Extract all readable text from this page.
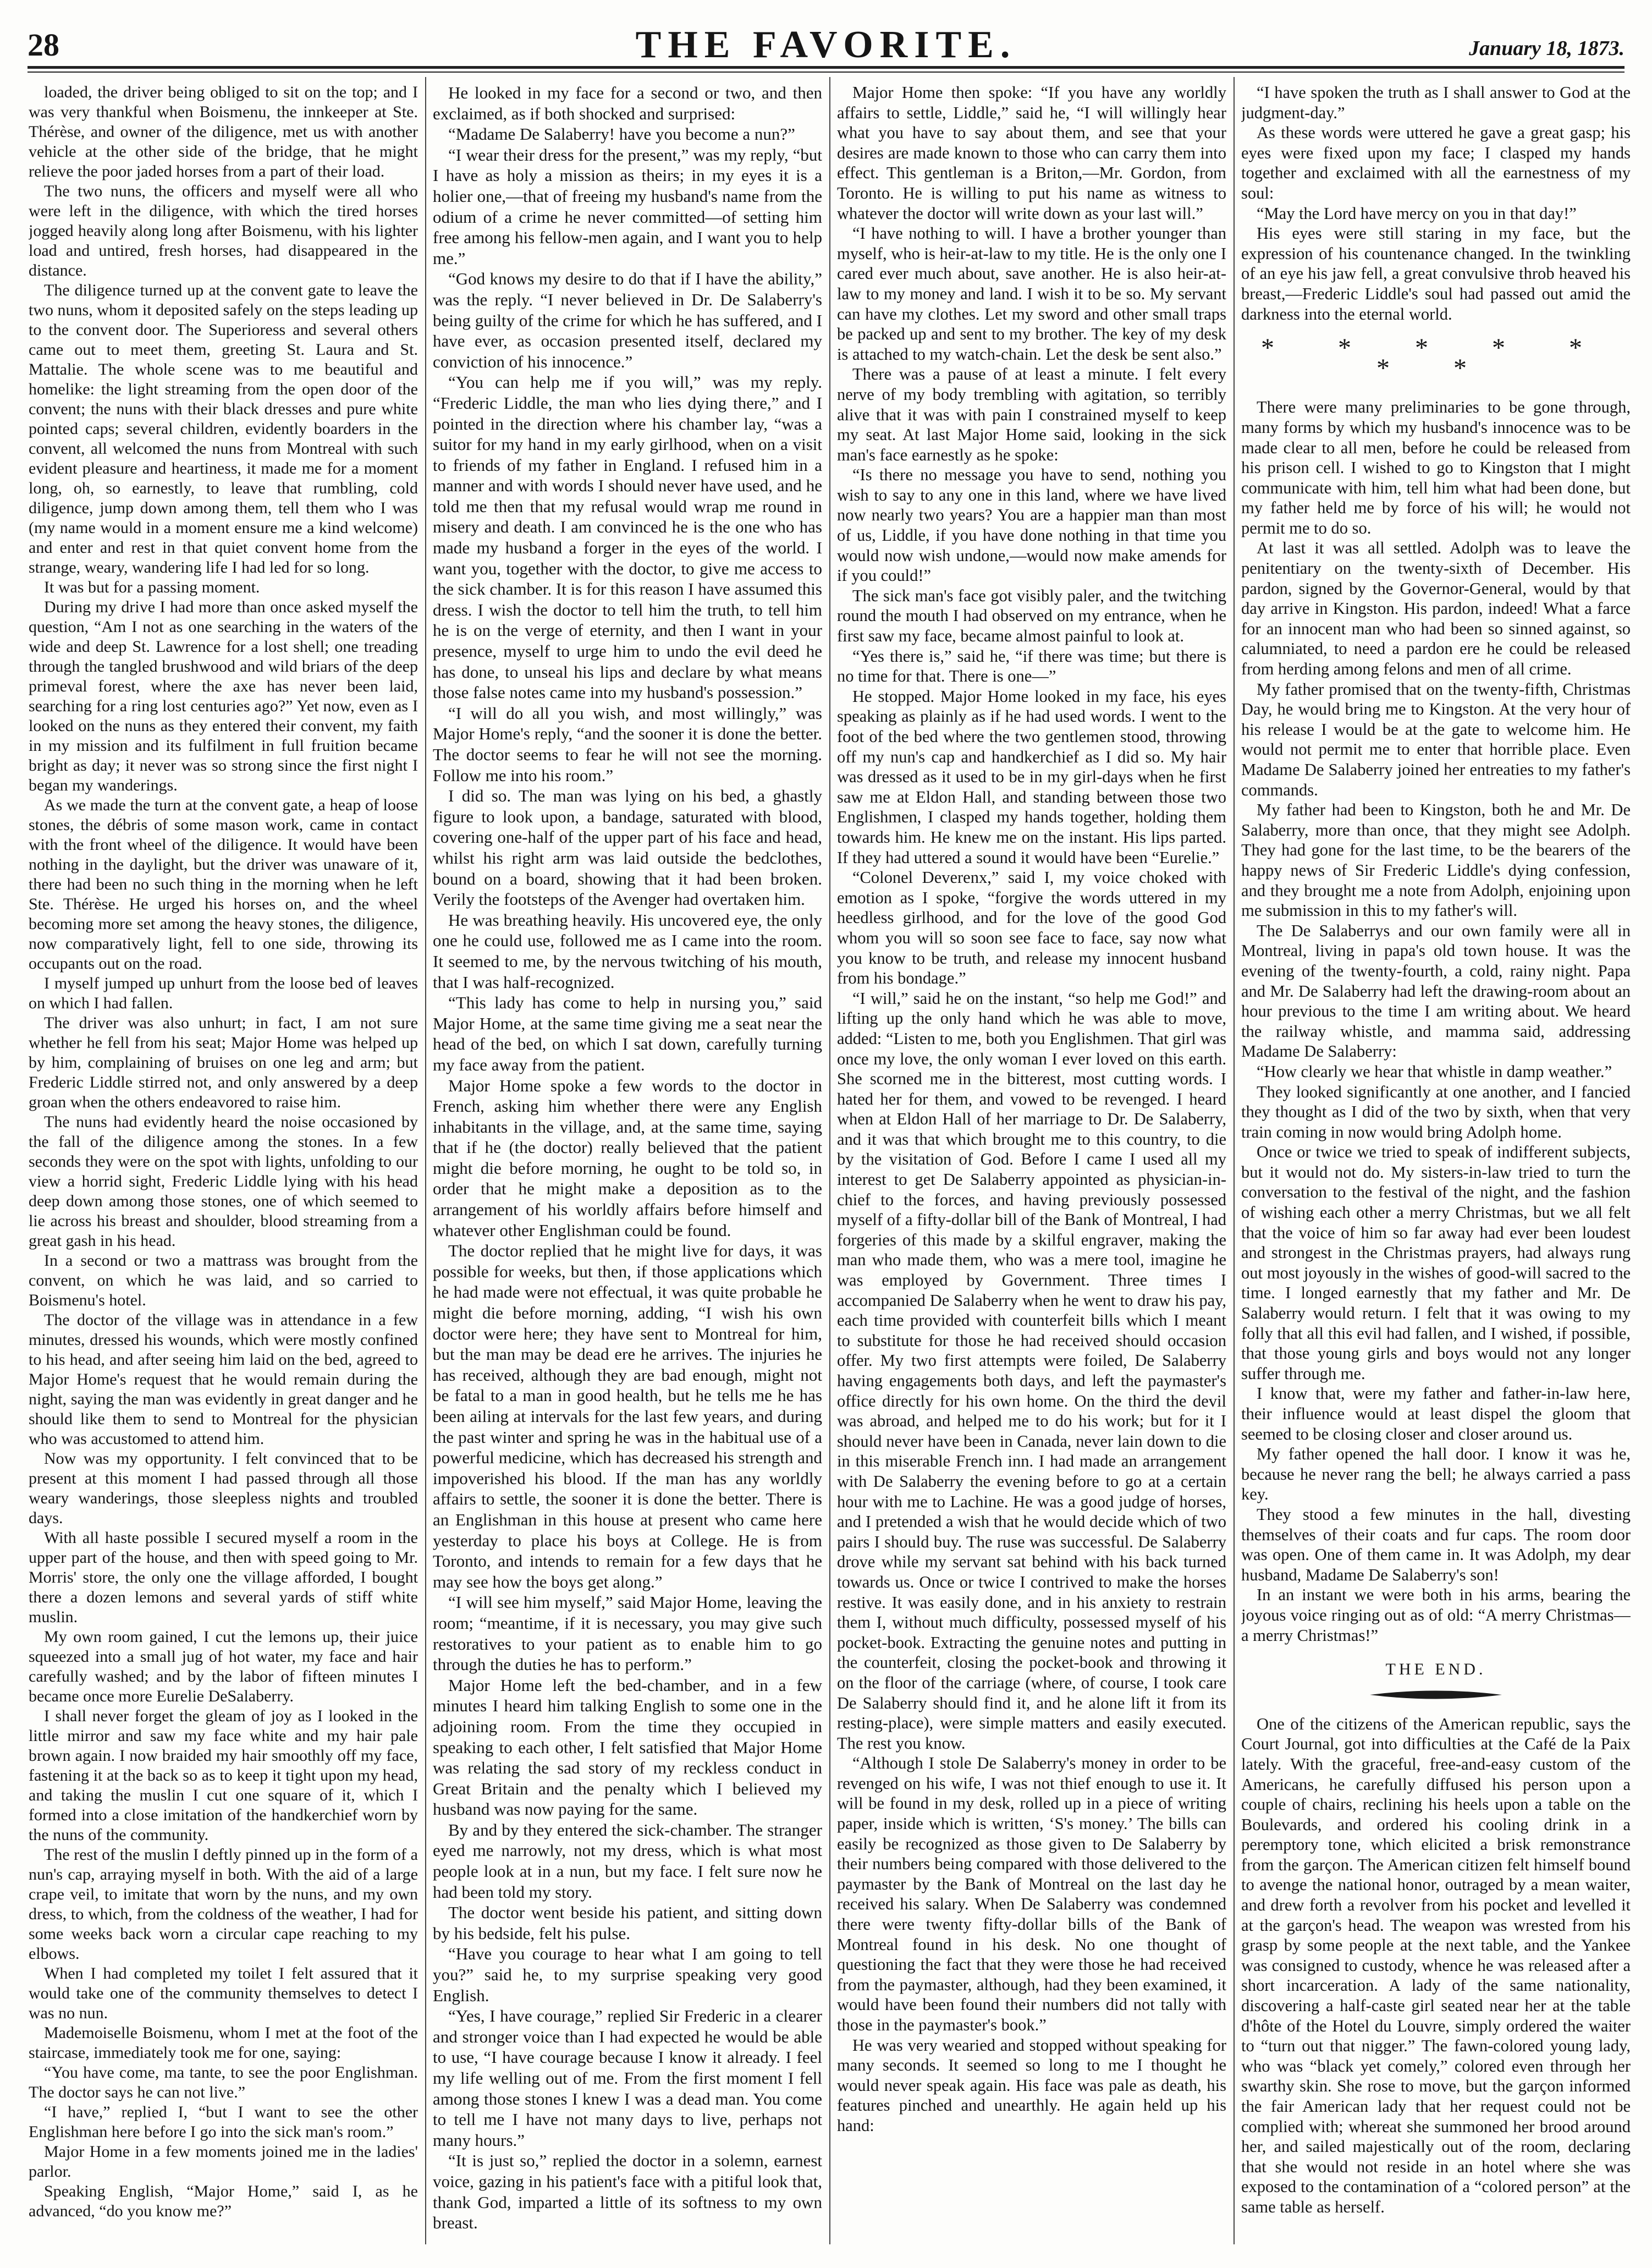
28	THE FAVORITE.	January 18, 1873.

loaded, the driver being obliged to sit on the top; and I was very thankful when Boismenu, the innkeeper at Ste. Thérèse, and owner of the diligence, met us with another vehicle at the other side of the bridge, that he might relieve the poor jaded horses from a part of their load.

The two nuns, the officers and myself were all who were left in the diligence, with which the tired horses jogged heavily along long after Boismenu, with his lighter load and untired, fresh horses, had disappeared in the distance.

The diligence turned up at the convent gate to leave the two nuns, whom it deposited safely on the steps leading up to the convent door. The Superioress and several others came out to meet them, greeting St. Laura and St. Mattalie. The whole scene was to me beautiful and homelike: the light streaming from the open door of the convent; the nuns with their black dresses and pure white pointed caps; several children, evidently boarders in the convent, all welcomed the nuns from Montreal with such evident pleasure and heartiness, it made me for a moment long, oh, so earnestly, to leave that rumbling, cold diligence, jump down among them, tell them who I was (my name would in a moment ensure me a kind welcome) and enter and rest in that quiet convent home from the strange, weary, wandering life I had led for so long.

It was but for a passing moment.

During my drive I had more than once asked myself the question, “Am I not as one searching in the waters of the wide and deep St. Lawrence for a lost shell; one treading through the tangled brushwood and wild briars of the deep primeval forest, where the axe has never been laid, searching for a ring lost centuries ago?” Yet now, even as I looked on the nuns as they entered their convent, my faith in my mission and its fulfilment in full fruition became bright as day; it never was so strong since the first night I began my wanderings.

As we made the turn at the convent gate, a heap of loose stones, the débris of some mason work, came in contact with the front wheel of the diligence. It would have been nothing in the daylight, but the driver was unaware of it, there had been no such thing in the morning when he left Ste. Thérèse. He urged his horses on, and the wheel becoming more set among the heavy stones, the diligence, now comparatively light, fell to one side, throwing its occupants out on the road.

I myself jumped up unhurt from the loose bed of leaves on which I had fallen.

The driver was also unhurt; in fact, I am not sure whether he fell from his seat; Major Home was helped up by him, complaining of bruises on one leg and arm; but Frederic Liddle stirred not, and only answered by a deep groan when the others endeavored to raise him.

The nuns had evidently heard the noise occasioned by the fall of the diligence among the stones. In a few seconds they were on the spot with lights, unfolding to our view a horrid sight, Frederic Liddle lying with his head deep down among those stones, one of which seemed to lie across his breast and shoulder, blood streaming from a great gash in his head.

In a second or two a mattrass was brought from the convent, on which he was laid, and so carried to Boismenu's hotel.

The doctor of the village was in attendance in a few minutes, dressed his wounds, which were mostly confined to his head, and after seeing him laid on the bed, agreed to Major Home's request that he would remain during the night, saying the man was evidently in great danger and he should like them to send to Montreal for the physician who was accustomed to attend him.

Now was my opportunity. I felt convinced that to be present at this moment I had passed through all those weary wanderings, those sleepless nights and troubled days.

With all haste possible I secured myself a room in the upper part of the house, and then with speed going to Mr. Morris' store, the only one the village afforded, I bought there a dozen lemons and several yards of stiff white muslin.

My own room gained, I cut the lemons up, their juice squeezed into a small jug of hot water, my face and hair carefully washed; and by the labor of fifteen minutes I became once more Eurelie DeSalaberry.

I shall never forget the gleam of joy as I looked in the little mirror and saw my face white and my hair pale brown again. I now braided my hair smoothly off my face, fastening it at the back so as to keep it tight upon my head, and taking the muslin I cut one square of it, which I formed into a close imitation of the handkerchief worn by the nuns of the community.

The rest of the muslin I deftly pinned up in the form of a nun's cap, arraying myself in both. With the aid of a large crape veil, to imitate that worn by the nuns, and my own dress, to which, from the coldness of the weather, I had for some weeks back worn a circular cape reaching to my elbows.

When I had completed my toilet I felt assured that it would take one of the community themselves to detect I was no nun.

Mademoiselle Boismenu, whom I met at the foot of the staircase, immediately took me for one, saying:

“You have come, ma tante, to see the poor Englishman. The doctor says he can not live.”

“I have,” replied I, “but I want to see the other Englishman here before I go into the sick man's room.”

Major Home in a few moments joined me in the ladies' parlor.

Speaking English, “Major Home,” said I, as he advanced, “do you know me?”

He looked in my face for a second or two, and then exclaimed, as if both shocked and surprised:

“Madame De Salaberry! have you become a nun?”

“I wear their dress for the present,” was my reply, “but I have as holy a mission as theirs; in my eyes it is a holier one,—that of freeing my husband's name from the odium of a crime he never committed—of setting him free among his fellow-men again, and I want you to help me.”

“God knows my desire to do that if I have the ability,” was the reply. “I never believed in Dr. De Salaberry's being guilty of the crime for which he has suffered, and I have ever, as occasion presented itself, declared my conviction of his innocence.”

“You can help me if you will,” was my reply. “Frederic Liddle, the man who lies dying there,” and I pointed in the direction where his chamber lay, “was a suitor for my hand in my early girlhood, when on a visit to friends of my father in England. I refused him in a manner and with words I should never have used, and he told me then that my refusal would wrap me round in misery and death. I am convinced he is the one who has made my husband a forger in the eyes of the world. I want you, together with the doctor, to give me access to the sick chamber. It is for this reason I have assumed this dress. I wish the doctor to tell him the truth, to tell him he is on the verge of eternity, and then I want in your presence, myself to urge him to undo the evil deed he has done, to unseal his lips and declare by what means those false notes came into my husband's possession.”

“I will do all you wish, and most willingly,” was Major Home's reply, “and the sooner it is done the better. The doctor seems to fear he will not see the morning. Follow me into his room.”

I did so. The man was lying on his bed, a ghastly figure to look upon, a bandage, saturated with blood, covering one-half of the upper part of his face and head, whilst his right arm was laid outside the bedclothes, bound on a board, showing that it had been broken. Verily the footsteps of the Avenger had overtaken him.

He was breathing heavily. His uncovered eye, the only one he could use, followed me as I came into the room. It seemed to me, by the nervous twitching of his mouth, that I was half-recognized.

“This lady has come to help in nursing you,” said Major Home, at the same time giving me a seat near the head of the bed, on which I sat down, carefully turning my face away from the patient.

Major Home spoke a few words to the doctor in French, asking him whether there were any English inhabitants in the village, and, at the same time, saying that if he (the doctor) really believed that the patient might die before morning, he ought to be told so, in order that he might make a deposition as to the arrangement of his worldly affairs before himself and whatever other Englishman could be found.

The doctor replied that he might live for days, it was possible for weeks, but then, if those applications which he had made were not effectual, it was quite probable he might die before morning, adding, “I wish his own doctor were here; they have sent to Montreal for him, but the man may be dead ere he arrives. The injuries he has received, although they are bad enough, might not be fatal to a man in good health, but he tells me he has been ailing at intervals for the last few years, and during the past winter and spring he was in the habitual use of a powerful medicine, which has decreased his strength and impoverished his blood. If the man has any worldly affairs to settle, the sooner it is done the better. There is an Englishman in this house at present who came here yesterday to place his boys at College. He is from Toronto, and intends to remain for a few days that he may see how the boys get along.”

“I will see him myself,” said Major Home, leaving the room; “meantime, if it is necessary, you may give such restoratives to your patient as to enable him to go through the duties he has to perform.”

Major Home left the bed-chamber, and in a few minutes I heard him talking English to some one in the adjoining room. From the time they occupied in speaking to each other, I felt satisfied that Major Home was relating the sad story of my reckless conduct in Great Britain and the penalty which I believed my husband was now paying for the same.

By and by they entered the sick-chamber. The stranger eyed me narrowly, not my dress, which is what most people look at in a nun, but my face. I felt sure now he had been told my story.

The doctor went beside his patient, and sitting down by his bedside, felt his pulse.

“Have you courage to hear what I am going to tell you?” said he, to my surprise speaking very good English.

“Yes, I have courage,” replied Sir Frederic in a clearer and stronger voice than I had expected he would be able to use, “I have courage because I know it already. I feel my life welling out of me. From the first moment I fell among those stones I knew I was a dead man. You come to tell me I have not many days to live, perhaps not many hours.”

“It is just so,” replied the doctor in a solemn, earnest voice, gazing in his patient's face with a pitiful look that, thank God, imparted a little of its softness to my own breast.

Major Home then spoke: “If you have any worldly affairs to settle, Liddle,” said he, “I will willingly hear what you have to say about them, and see that your desires are made known to those who can carry them into effect. This gentleman is a Briton,—Mr. Gordon, from Toronto. He is willing to put his name as witness to whatever the doctor will write down as your last will.”

“I have nothing to will. I have a brother younger than myself, who is heir-at-law to my title. He is the only one I cared ever much about, save another. He is also heir-at-law to my money and land. I wish it to be so. My servant can have my clothes. Let my sword and other small traps be packed up and sent to my brother. The key of my desk is attached to my watch-chain. Let the desk be sent also.”

There was a pause of at least a minute. I felt every nerve of my body trembling with agitation, so terribly alive that it was with pain I constrained myself to keep my seat. At last Major Home said, looking in the sick man's face earnestly as he spoke:

“Is there no message you have to send, nothing you wish to say to any one in this land, where we have lived now nearly two years? You are a happier man than most of us, Liddle, if you have done nothing in that time you would now wish undone,—would now make amends for if you could!”

The sick man's face got visibly paler, and the twitching round the mouth I had observed on my entrance, when he first saw my face, became almost painful to look at.

“Yes there is,” said he, “if there was time; but there is no time for that. There is one—”

He stopped. Major Home looked in my face, his eyes speaking as plainly as if he had used words. I went to the foot of the bed where the two gentlemen stood, throwing off my nun's cap and handkerchief as I did so. My hair was dressed as it used to be in my girl-days when he first saw me at Eldon Hall, and standing between those two Englishmen, I clasped my hands together, holding them towards him. He knew me on the instant. His lips parted. If they had uttered a sound it would have been “Eurelie.”

“Colonel Deverenx,” said I, my voice choked with emotion as I spoke, “forgive the words uttered in my heedless girlhood, and for the love of the good God whom you will so soon see face to face, say now what you know to be truth, and release my innocent husband from his bondage.”

“I will,” said he on the instant, “so help me God!” and lifting up the only hand which he was able to move, added: “Listen to me, both you Englishmen. That girl was once my love, the only woman I ever loved on this earth. She scorned me in the bitterest, most cutting words. I hated her for them, and vowed to be revenged. I heard when at Eldon Hall of her marriage to Dr. De Salaberry, and it was that which brought me to this country, to die by the visitation of God. Before I came I used all my interest to get De Salaberry appointed as physician-in-chief to the forces, and having previously possessed myself of a fifty-dollar bill of the Bank of Montreal, I had forgeries of this made by a skilful engraver, making the man who made them, who was a mere tool, imagine he was employed by Government. Three times I accompanied De Salaberry when he went to draw his pay, each time provided with counterfeit bills which I meant to substitute for those he had received should occasion offer. My two first attempts were foiled, De Salaberry having engagements both days, and left the paymaster's office directly for his own home. On the third the devil was abroad, and helped me to do his work; but for it I should never have been in Canada, never lain down to die in this miserable French inn. I had made an arrangement with De Salaberry the evening before to go at a certain hour with me to Lachine. He was a good judge of horses, and I pretended a wish that he would decide which of two pairs I should buy. The ruse was successful. De Salaberry drove while my servant sat behind with his back turned towards us. Once or twice I contrived to make the horses restive. It was easily done, and in his anxiety to restrain them I, without much difficulty, possessed myself of his pocket-book. Extracting the genuine notes and putting in the counterfeit, closing the pocket-book and throwing it on the floor of the carriage (where, of course, I took care De Salaberry should find it, and he alone lift it from its resting-place), were simple matters and easily executed. The rest you know.

“Although I stole De Salaberry's money in order to be revenged on his wife, I was not thief enough to use it. It will be found in my desk, rolled up in a piece of writing paper, inside which is written, ‘S's money.’ The bills can easily be recognized as those given to De Salaberry by their numbers being compared with those delivered to the paymaster by the Bank of Montreal on the last day he received his salary. When De Salaberry was condemned there were twenty fifty-dollar bills of the Bank of Montreal found in his desk. No one thought of questioning the fact that they were those he had received from the paymaster, although, had they been examined, it would have been found their numbers did not tally with those in the paymaster's book.”

He was very wearied and stopped without speaking for many seconds. It seemed so long to me I thought he would never speak again. His face was pale as death, his features pinched and unearthly. He again held up his hand:

“I have spoken the truth as I shall answer to God at the judgment-day.”

As these words were uttered he gave a great gasp; his eyes were fixed upon my face; I clasped my hands together and exclaimed with all the earnestness of my soul:

“May the Lord have mercy on you in that day!”

His eyes were still staring in my face, but the expression of his countenance changed. In the twinkling of an eye his jaw fell, a great convulsive throb heaved his breast,—Frederic Liddle's soul had passed out amid the darkness into the eternal world.

* * * * * * *

There were many preliminaries to be gone through, many forms by which my husband's innocence was to be made clear to all men, before he could be released from his prison cell. I wished to go to Kingston that I might communicate with him, tell him what had been done, but my father held me by force of his will; he would not permit me to do so.

At last it was all settled. Adolph was to leave the penitentiary on the twenty-sixth of December. His pardon, signed by the Governor-General, would by that day arrive in Kingston. His pardon, indeed! What a farce for an innocent man who had been so sinned against, so calumniated, to need a pardon ere he could be released from herding among felons and men of all crime.

My father promised that on the twenty-fifth, Christmas Day, he would bring me to Kingston. At the very hour of his release I would be at the gate to welcome him. He would not permit me to enter that horrible place. Even Madame De Salaberry joined her entreaties to my father's commands.

My father had been to Kingston, both he and Mr. De Salaberry, more than once, that they might see Adolph. They had gone for the last time, to be the bearers of the happy news of Sir Frederic Liddle's dying confession, and they brought me a note from Adolph, enjoining upon me submission in this to my father's will.

The De Salaberrys and our own family were all in Montreal, living in papa's old town house. It was the evening of the twenty-fourth, a cold, rainy night. Papa and Mr. De Salaberry had left the drawing-room about an hour previous to the time I am writing about. We heard the railway whistle, and mamma said, addressing Madame De Salaberry:

“How clearly we hear that whistle in damp weather.”

They looked significantly at one another, and I fancied they thought as I did of the two by sixth, when that very train coming in now would bring Adolph home.

Once or twice we tried to speak of indifferent subjects, but it would not do. My sisters-in-law tried to turn the conversation to the festival of the night, and the fashion of wishing each other a merry Christmas, but we all felt that the voice of him so far away had ever been loudest and strongest in the Christmas prayers, had always rung out most joyously in the wishes of good-will sacred to the time. I longed earnestly that my father and Mr. De Salaberry would return. I felt that it was owing to my folly that all this evil had fallen, and I wished, if possible, that those young girls and boys would not any longer suffer through me.

I know that, were my father and father-in-law here, their influence would at least dispel the gloom that seemed to be closing closer and closer around us.

My father opened the hall door. I know it was he, because he never rang the bell; he always carried a pass key.

They stood a few minutes in the hall, divesting themselves of their coats and fur caps. The room door was open. One of them came in. It was Adolph, my dear husband, Madame De Salaberry's son!

In an instant we were both in his arms, bearing the joyous voice ringing out as of old: “A merry Christmas—a merry Christmas!”

THE END.

One of the citizens of the American republic, says the Court Journal, got into difficulties at the Café de la Paix lately. With the graceful, free-and-easy custom of the Americans, he carefully diffused his person upon a couple of chairs, reclining his heels upon a table on the Boulevards, and ordered his cooling drink in a peremptory tone, which elicited a brisk remonstrance from the garçon. The American citizen felt himself bound to avenge the national honor, outraged by a mean waiter, and drew forth a revolver from his pocket and levelled it at the garçon's head. The weapon was wrested from his grasp by some people at the next table, and the Yankee was consigned to custody, whence he was released after a short incarceration. A lady of the same nationality, discovering a half-caste girl seated near her at the table d'hôte of the Hotel du Louvre, simply ordered the waiter to “turn out that nigger.” The fawn-colored young lady, who was “black yet comely,” colored even through her swarthy skin. She rose to move, but the garçon informed the fair American lady that her request could not be complied with; whereat she summoned her brood around her, and sailed majestically out of the room, declaring that she would not reside in an hotel where she was exposed to the contamination of a “colored person” at the same table as herself.
